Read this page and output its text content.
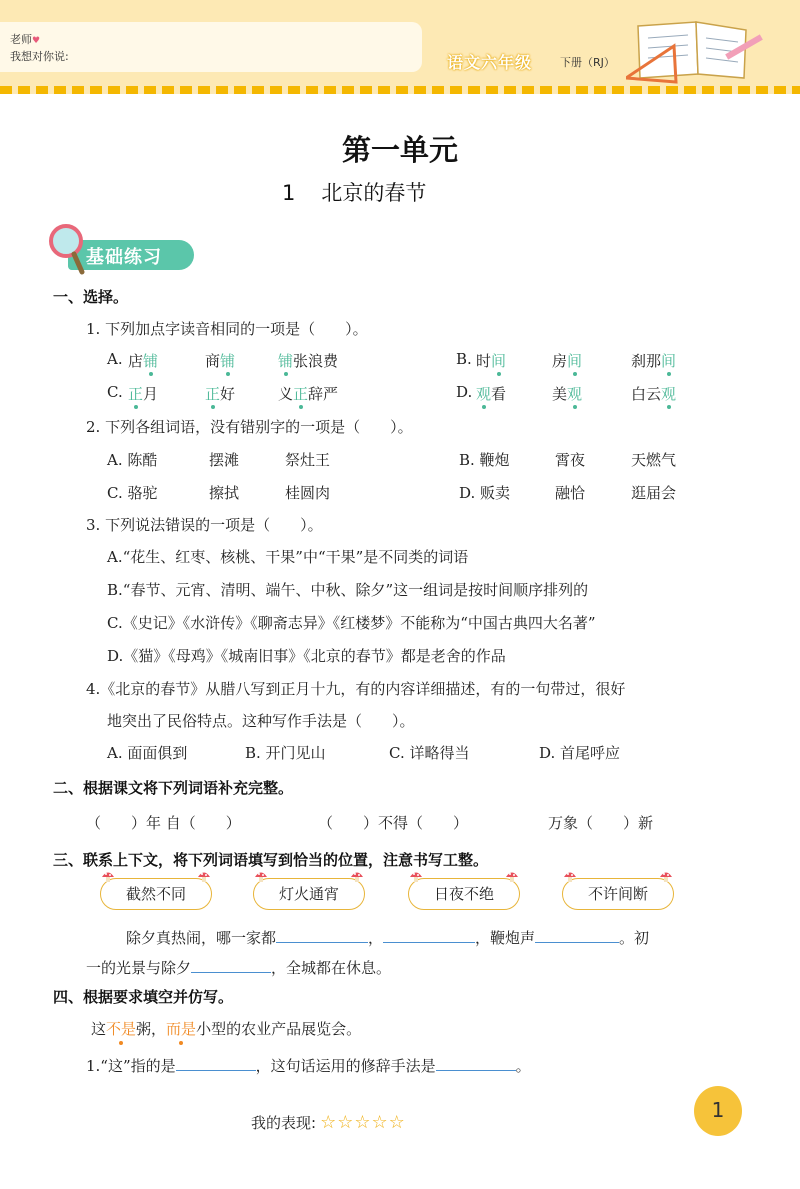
老师♥
我想对你说:	语文六年级	下册（RJ）
第一单元
1 北京的春节
基础练习
一、选择。
1. 下列加点字读音相同的一项是（　　）。
A. 店铺	商铺	铺张浪费	B. 时间	房间	刹那间
C. 正月	正好	义正辞严	D. 观看	美观	白云观
2. 下列各组词语，没有错别字的一项是（　　）。
A. 陈酷	摆滩	祭灶王	B. 鞭炮	霄夜	天燃气
C. 骆驼	擦拭	桂圆肉	D. 贩卖	融恰	逛届会
3. 下列说法错误的一项是（　　）。
A.“花生、红枣、核桃、干果”中“干果”是不同类的词语
B.“春节、元宵、清明、端午、中秋、除夕”这一组词是按时间顺序排列的
C.《史记》《水浒传》《聊斋志异》《红楼梦》不能称为“中国古典四大名著”
D.《猫》《母鸡》《城南旧事》《北京的春节》都是老舍的作品
4.《北京的春节》从腊八写到正月十九，有的内容详细描述，有的一句带过，很好
地突出了民俗特点。这种写作手法是（　　）。
A. 面面俱到	B. 开门见山	C. 详略得当	D. 首尾呼应
二、根据课文将下列词语补充完整。
（　　）年 自（　　）	（　　）不得（　　）	万象（　　）新
三、联系上下文，将下列词语填写到恰当的位置，注意书写工整。
截然不同	灯火通宵	日夜不绝	不许间断
除夕真热闹，哪一家都	，	，鞭炮声	。初
一的光景与除夕	，全城都在休息。
四、根据要求填空并仿写。
这不是粥，而是小型的农业产品展览会。
1.“这”指的是	，这句话运用的修辞手法是	。
我的表现: ☆☆☆☆☆
1
